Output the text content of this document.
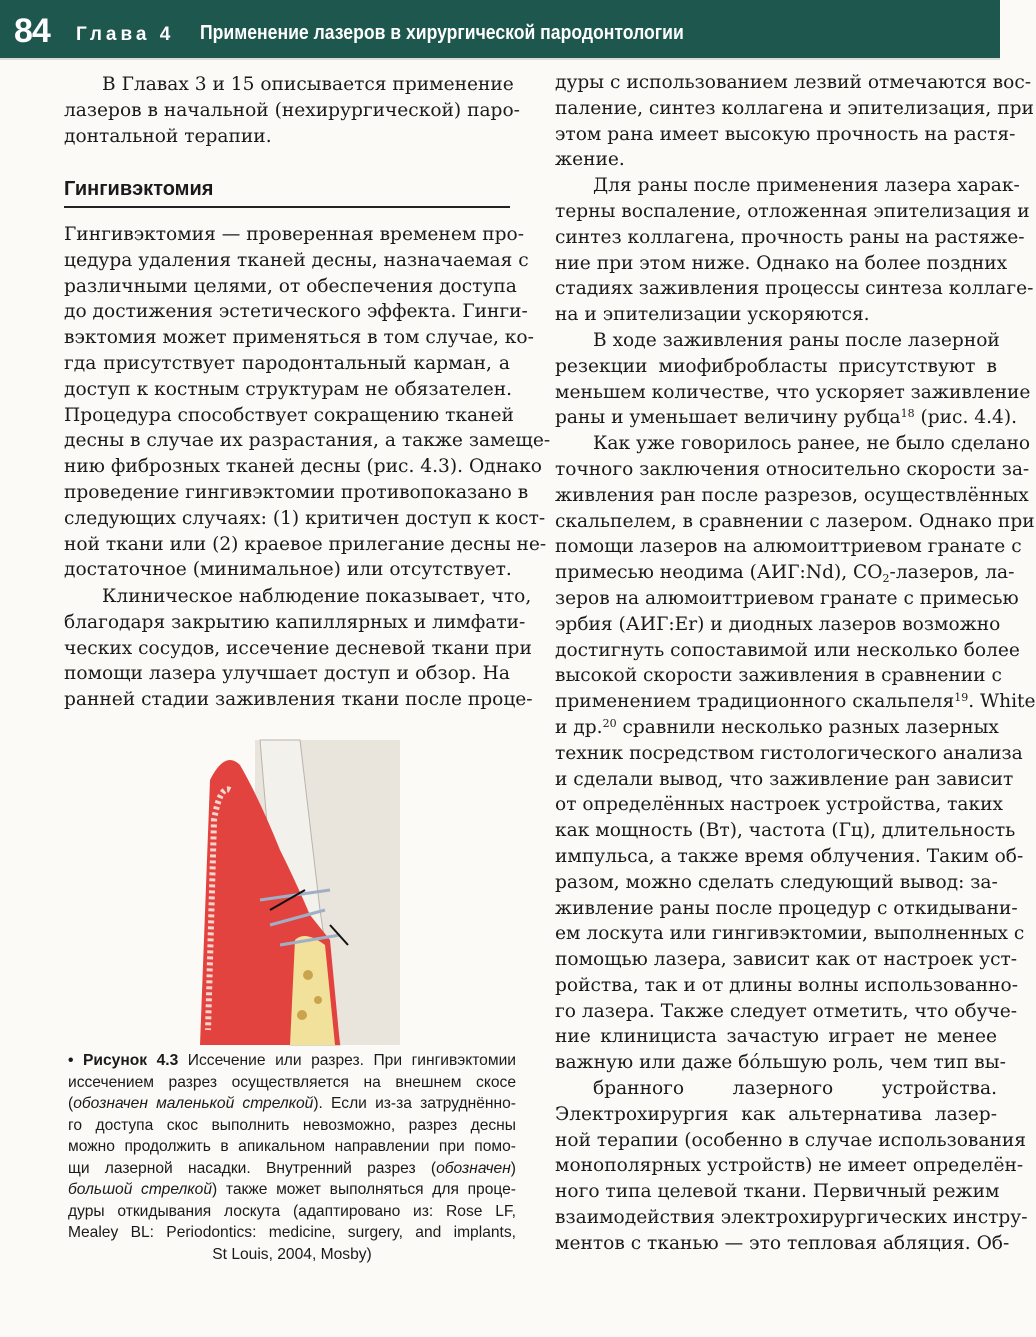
84 Глава 4 Применение лазеров в хирургической пародонтологии
В Главах 3 и 15 описывается применение
лазеров в начальной (нехирургической) паро-
донтальной терапии.
Гингивэктомия
Гингивэктомия — проверенная временем про-
цедура удаления тканей десны, назначаемая с
различными целями, от обеспечения доступа
до достижения эстетического эффекта. Гинги-
вэктомия может применяться в том случае, ко-
гда присутствует пародонтальный карман, а
доступ к костным структурам не обязателен.
Процедура способствует сокращению тканей
десны в случае их разрастания, а также замеще-
нию фиброзных тканей десны (рис. 4.3). Однако
проведение гингивэктомии противопоказано в
следующих случаях: (1) критичен доступ к кост-
ной ткани или (2) краевое прилегание десны не-
достаточное (минимальное) или отсутствует.
Клиническое наблюдение показывает, что,
благодаря закрытию капиллярных и лимфати-
ческих сосудов, иссечение десневой ткани при
помощи лазера улучшает доступ и обзор. На
ранней стадии заживления ткани после проце-
• Рисунок 4.3 Иссечение или разрез. При гингивэктомии
иссечением разрез осуществляется на внешнем скосе
(обозначен маленькой стрелкой). Если из-за затруднённо-
го доступа скос выполнить невозможно, разрез десны
можно продолжить в апикальном направлении при помо-
щи лазерной насадки. Внутренний разрез (обозначен)
большой стрелкой) также может выполняться для проце-
дуры откидывания лоскута (адаптировано из: Rose LF,
Mealey BL: Periodontics: medicine, surgery, and implants,
St Louis, 2004, Mosby)
дуры с использованием лезвий отмечаются вос-
паление, синтез коллагена и эпителизация, при
этом рана имеет высокую прочность на растя-
жение.
Для раны после применения лазера харак-
терны воспаление, отложенная эпителизация и
синтез коллагена, прочность раны на растяже-
ние при этом ниже. Однако на более поздних
стадиях заживления процессы синтеза коллаге-
на и эпителизации ускоряются.
В ходе заживления раны после лазерной
резекции миофибробласты присутствуют в
меньшем количестве, что ускоряет заживление
раны и уменьшает величину рубца$^{18}$ (рис. 4.4).
Как уже говорилось ранее, не было сделано
точного заключения относительно скорости за-
живления ран после разрезов, осуществлённых
скальпелем, в сравнении с лазером. Однако при
помощи лазеров на алюмоиттриевом гранате с
примесью неодима (АИГ:Nd), $CO_2$-лазеров, ла-
зеров на алюмоиттриевом гранате с примесью
эрбия (АИГ:Er) и диодных лазеров возможно
достигнуть сопоставимой или несколько более
высокой скорости заживления в сравнении с
применением традиционного скальпеля$^{19}$. White
и др.$^{20}$ сравнили несколько разных лазерных
техник посредством гистологического анализа
и сделали вывод, что заживление ран зависит
от определённых настроек устройства, таких
как мощность (Вт), частота (Гц), длительность
импульса, а также время облучения. Таким об-
разом, можно сделать следующий вывод: за-
живление раны после процедур с откидывани-
ем лоскута или гингивэктомии, выполненных с
помощью лазера, зависит как от настроек уст-
ройства, так и от длины волны использованно-
го лазера. Также следует отметить, что обуче-
ние клинициста зачастую играет не менее
важную или даже бóльшую роль, чем тип вы-
бранного лазерного устройства.
Электрохирургия как альтернатива лазер-
ной терапии (особенно в случае использования
монополярных устройств) не имеет определён-
ного типа целевой ткани. Первичный режим
взаимодействия электрохирургических инстру-
ментов с тканью — это тепловая абляция. Об-
